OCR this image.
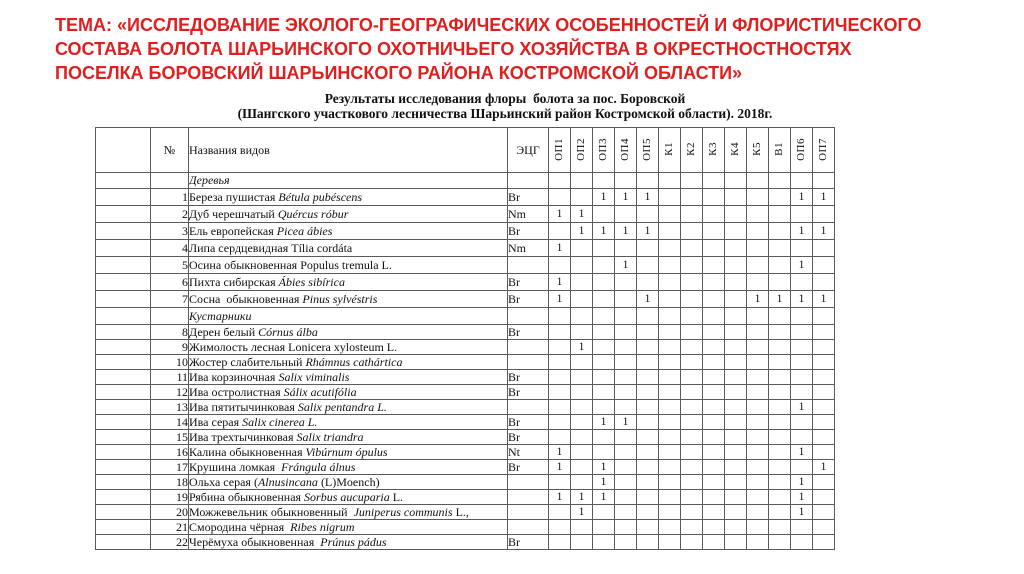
ТЕМА: «ИССЛЕДОВАНИЕ ЭКОЛОГО-ГЕОГРАФИЧЕСКИХ ОСОБЕННОСТЕЙ И ФЛОРИСТИЧЕСКОГО
СОСТАВА БОЛОТА ШАРЬИНСКОГО ОХОТНИЧЬЕГО ХОЗЯЙСТВА В ОКРЕСТНОСТНОСТЯХ
ПОСЕЛКА БОРОВСКИЙ ШАРЬИНСКОГО РАЙОНА КОСТРОМСКОЙ ОБЛАСТИ»
Результаты исследования флоры  болота за пос. Боровской
(Шангского участкового лесничества Шарьинский район Костромской области). 2018г.
	№	Названия видов	ЭЦГ	ОП1	ОП2	ОП3	ОП4	ОП5	К1	К2	К3	К4	К5	В1	ОП6	ОП7
		Деревья														
	1	Береза пушистая Bétula pubéscens	Br			1	1	1							1	1
	2	Дуб черешчатый Quércus róbur	Nm	1	1											
	3	Ель европейская Picea ábies	Br		1	1	1	1							1	1
	4	Липа сердцевидная Tília cordáta	Nm	1												
	5	Осина обыкновенная Populus tremula L.					1								1	
	6	Пихта сибирская Ábies sibírica	Br	1												
	7	Сосна  обыкновенная Pinus sylvéstris	Br	1				1					1	1	1	1
		Кустарники														
	8	Дерен белый Córnus álba	Br													
	9	Жимолость лесная Lonicera xylosteum L.			1											
	10	Жостер слабительный Rhámnus cathártica														
	11	Ива корзиночная Salix viminalis	Br													
	12	Ива остролистная Sálix acutifólia	Br													
	13	Ива пятитычинковая Salix pentandra L.													1	
	14	Ива серая Salix cinerea L.	Br			1	1									
	15	Ива трехтычинковая Salix triandra	Br													
	16	Калина обыкновенная Vibúrnum ópulus	Nt	1											1	
	17	Крушина ломкая  Frángula álnus	Br	1		1										1
	18	Ольха серая (Alnusincana (L)Moench)				1									1	
	19	Рябина обыкновенная Sorbus aucuparia L.		1	1	1									1	
	20	Можжевельник обыкновенный  Juniperus communis L.,			1										1	
	21	Смородина чёрная  Ribes nigrum														
	22	Черёмуха обыкновенная  Prúnus pádus	Br													
